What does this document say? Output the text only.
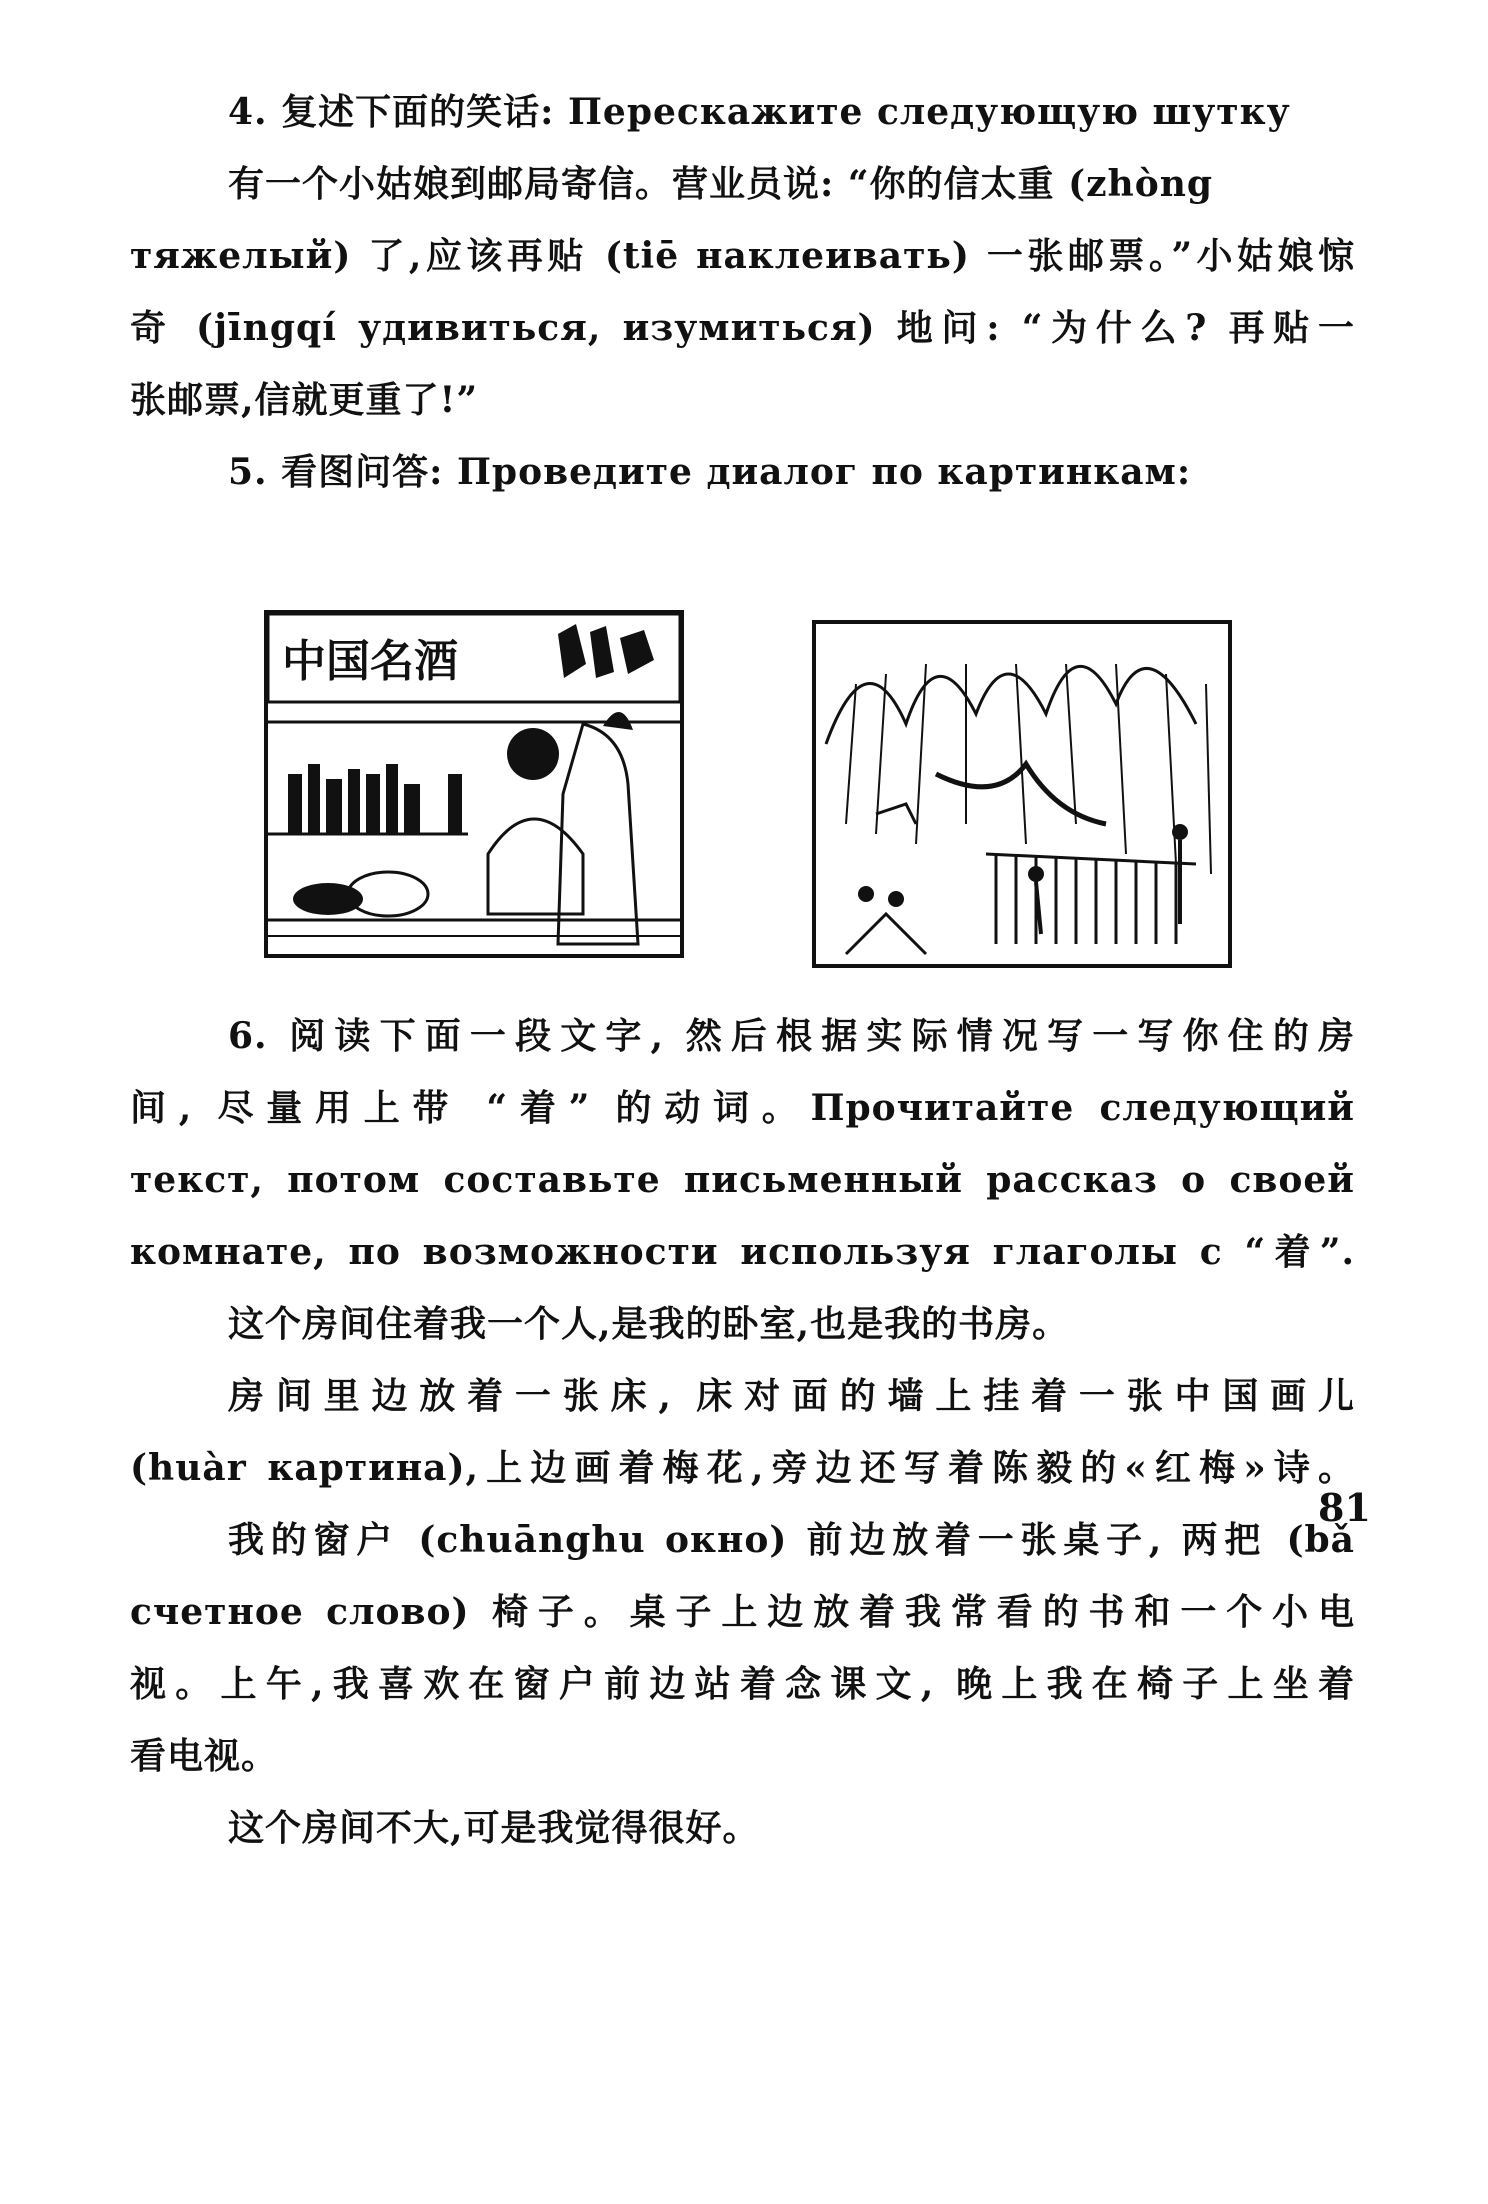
4. 复述下面的笑话: Перескажите следующую шутку
有一个小姑娘到邮局寄信。营业员说: “你的信太重 (zhòng
тяжелый) 了,应该再贴 (tiē наклеивать) 一张邮票。”小姑娘惊
奇 (jīngqí удивиться, изумиться) 地问: “为什么? 再贴一
张邮票,信就更重了!”
5. 看图问答: Проведите диалог по картинкам:
中国名酒
6. 阅读下面一段文字, 然后根据实际情况写一写你住的房
间, 尽量用上带 “着” 的动词。Прочитайте следующий
текст, потом составьте письменный рассказ о своей
комнате, по возможности используя глаголы с “着”.
这个房间住着我一个人,是我的卧室,也是我的书房。
房间里边放着一张床, 床对面的墙上挂着一张中国画儿
(huàr картина),上边画着梅花,旁边还写着陈毅的«红梅»诗。
我的窗户 (chuānghu окно) 前边放着一张桌子, 两把 (bǎ
счетное слово) 椅子。桌子上边放着我常看的书和一个小电
视。上午,我喜欢在窗户前边站着念课文, 晚上我在椅子上坐着
看电视。
这个房间不大,可是我觉得很好。
81
